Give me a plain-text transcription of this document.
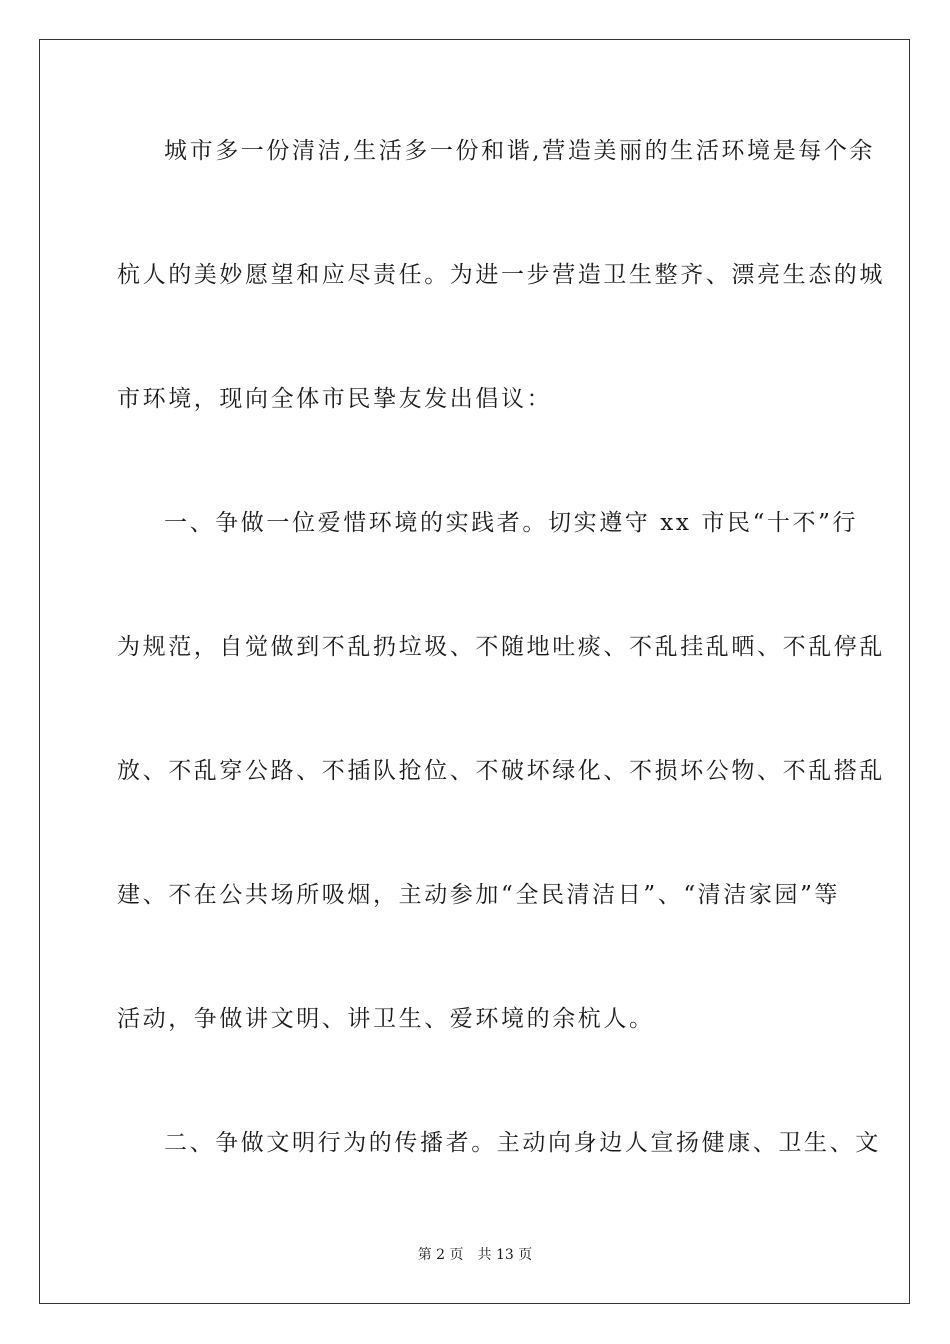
城市多一份清洁,生活多一份和谐,营造美丽的生活环境是每个余
杭人的美妙愿望和应尽责任。为进一步营造卫生整齐、漂亮生态的城
市环境，现向全体市民挚友发出倡议：
一、争做一位爱惜环境的实践者。切实遵守 xx 市民“十不”行
为规范，自觉做到不乱扔垃圾、不随地吐痰、不乱挂乱晒、不乱停乱
放、不乱穿公路、不插队抢位、不破坏绿化、不损坏公物、不乱搭乱
建、不在公共场所吸烟，主动参加“全民清洁日”、“清洁家园”等
活动，争做讲文明、讲卫生、爱环境的余杭人。
二、争做文明行为的传播者。主动向身边人宣扬健康、卫生、文
第 2 页 共 13 页
